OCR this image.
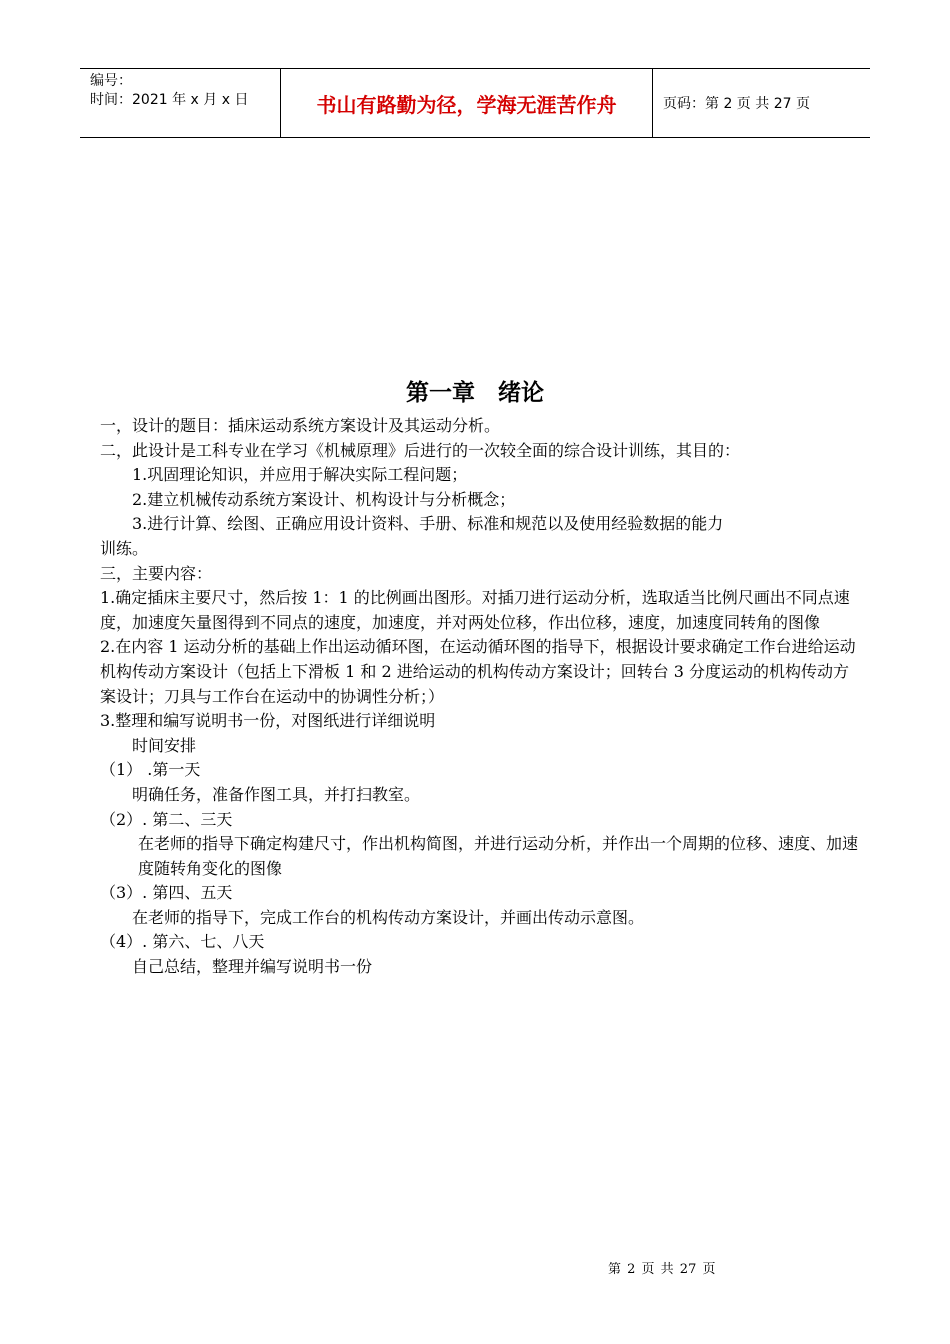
编号：
时间：2021 年 x 月 x 日	书山有路勤为径，学海无涯苦作舟	页码：第 2 页 共 27 页
第一章　绪论

一，设计的题目：插床运动系统方案设计及其运动分析。

二，此设计是工科专业在学习《机械原理》后进行的一次较全面的综合设计训练，其目的：

1.巩固理论知识，并应用于解决实际工程问题；

2.建立机械传动系统方案设计、机构设计与分析概念；

3.进行计算、绘图、正确应用设计资料、手册、标准和规范以及使用经验数据的能力

训练。

三，主要内容：

1.确定插床主要尺寸，然后按 1：1 的比例画出图形。对插刀进行运动分析，选取适当比例尺画出不同点速度，加速度矢量图得到不同点的速度，加速度，并对两处位移，作出位移，速度，加速度同转角的图像

2.在内容 1 运动分析的基础上作出运动循环图，在运动循环图的指导下，根据设计要求确定工作台进给运动机构传动方案设计（包括上下滑板 1 和 2 进给运动的机构传动方案设计；回转台 3 分度运动的机构传动方案设计；刀具与工作台在运动中的协调性分析；）

3.整理和编写说明书一份，对图纸进行详细说明

时间安排

（1） .第一天

明确任务，准备作图工具，并打扫教室。

（2）. 第二、三天

在老师的指导下确定构建尺寸，作出机构简图，并进行运动分析，并作出一个周期的位移、速度、加速度随转角变化的图像

（3）. 第四、五天

在老师的指导下，完成工作台的机构传动方案设计，并画出传动示意图。

（4）. 第六、七、八天

自己总结，整理并编写说明书一份

第 2 页 共 27 页
